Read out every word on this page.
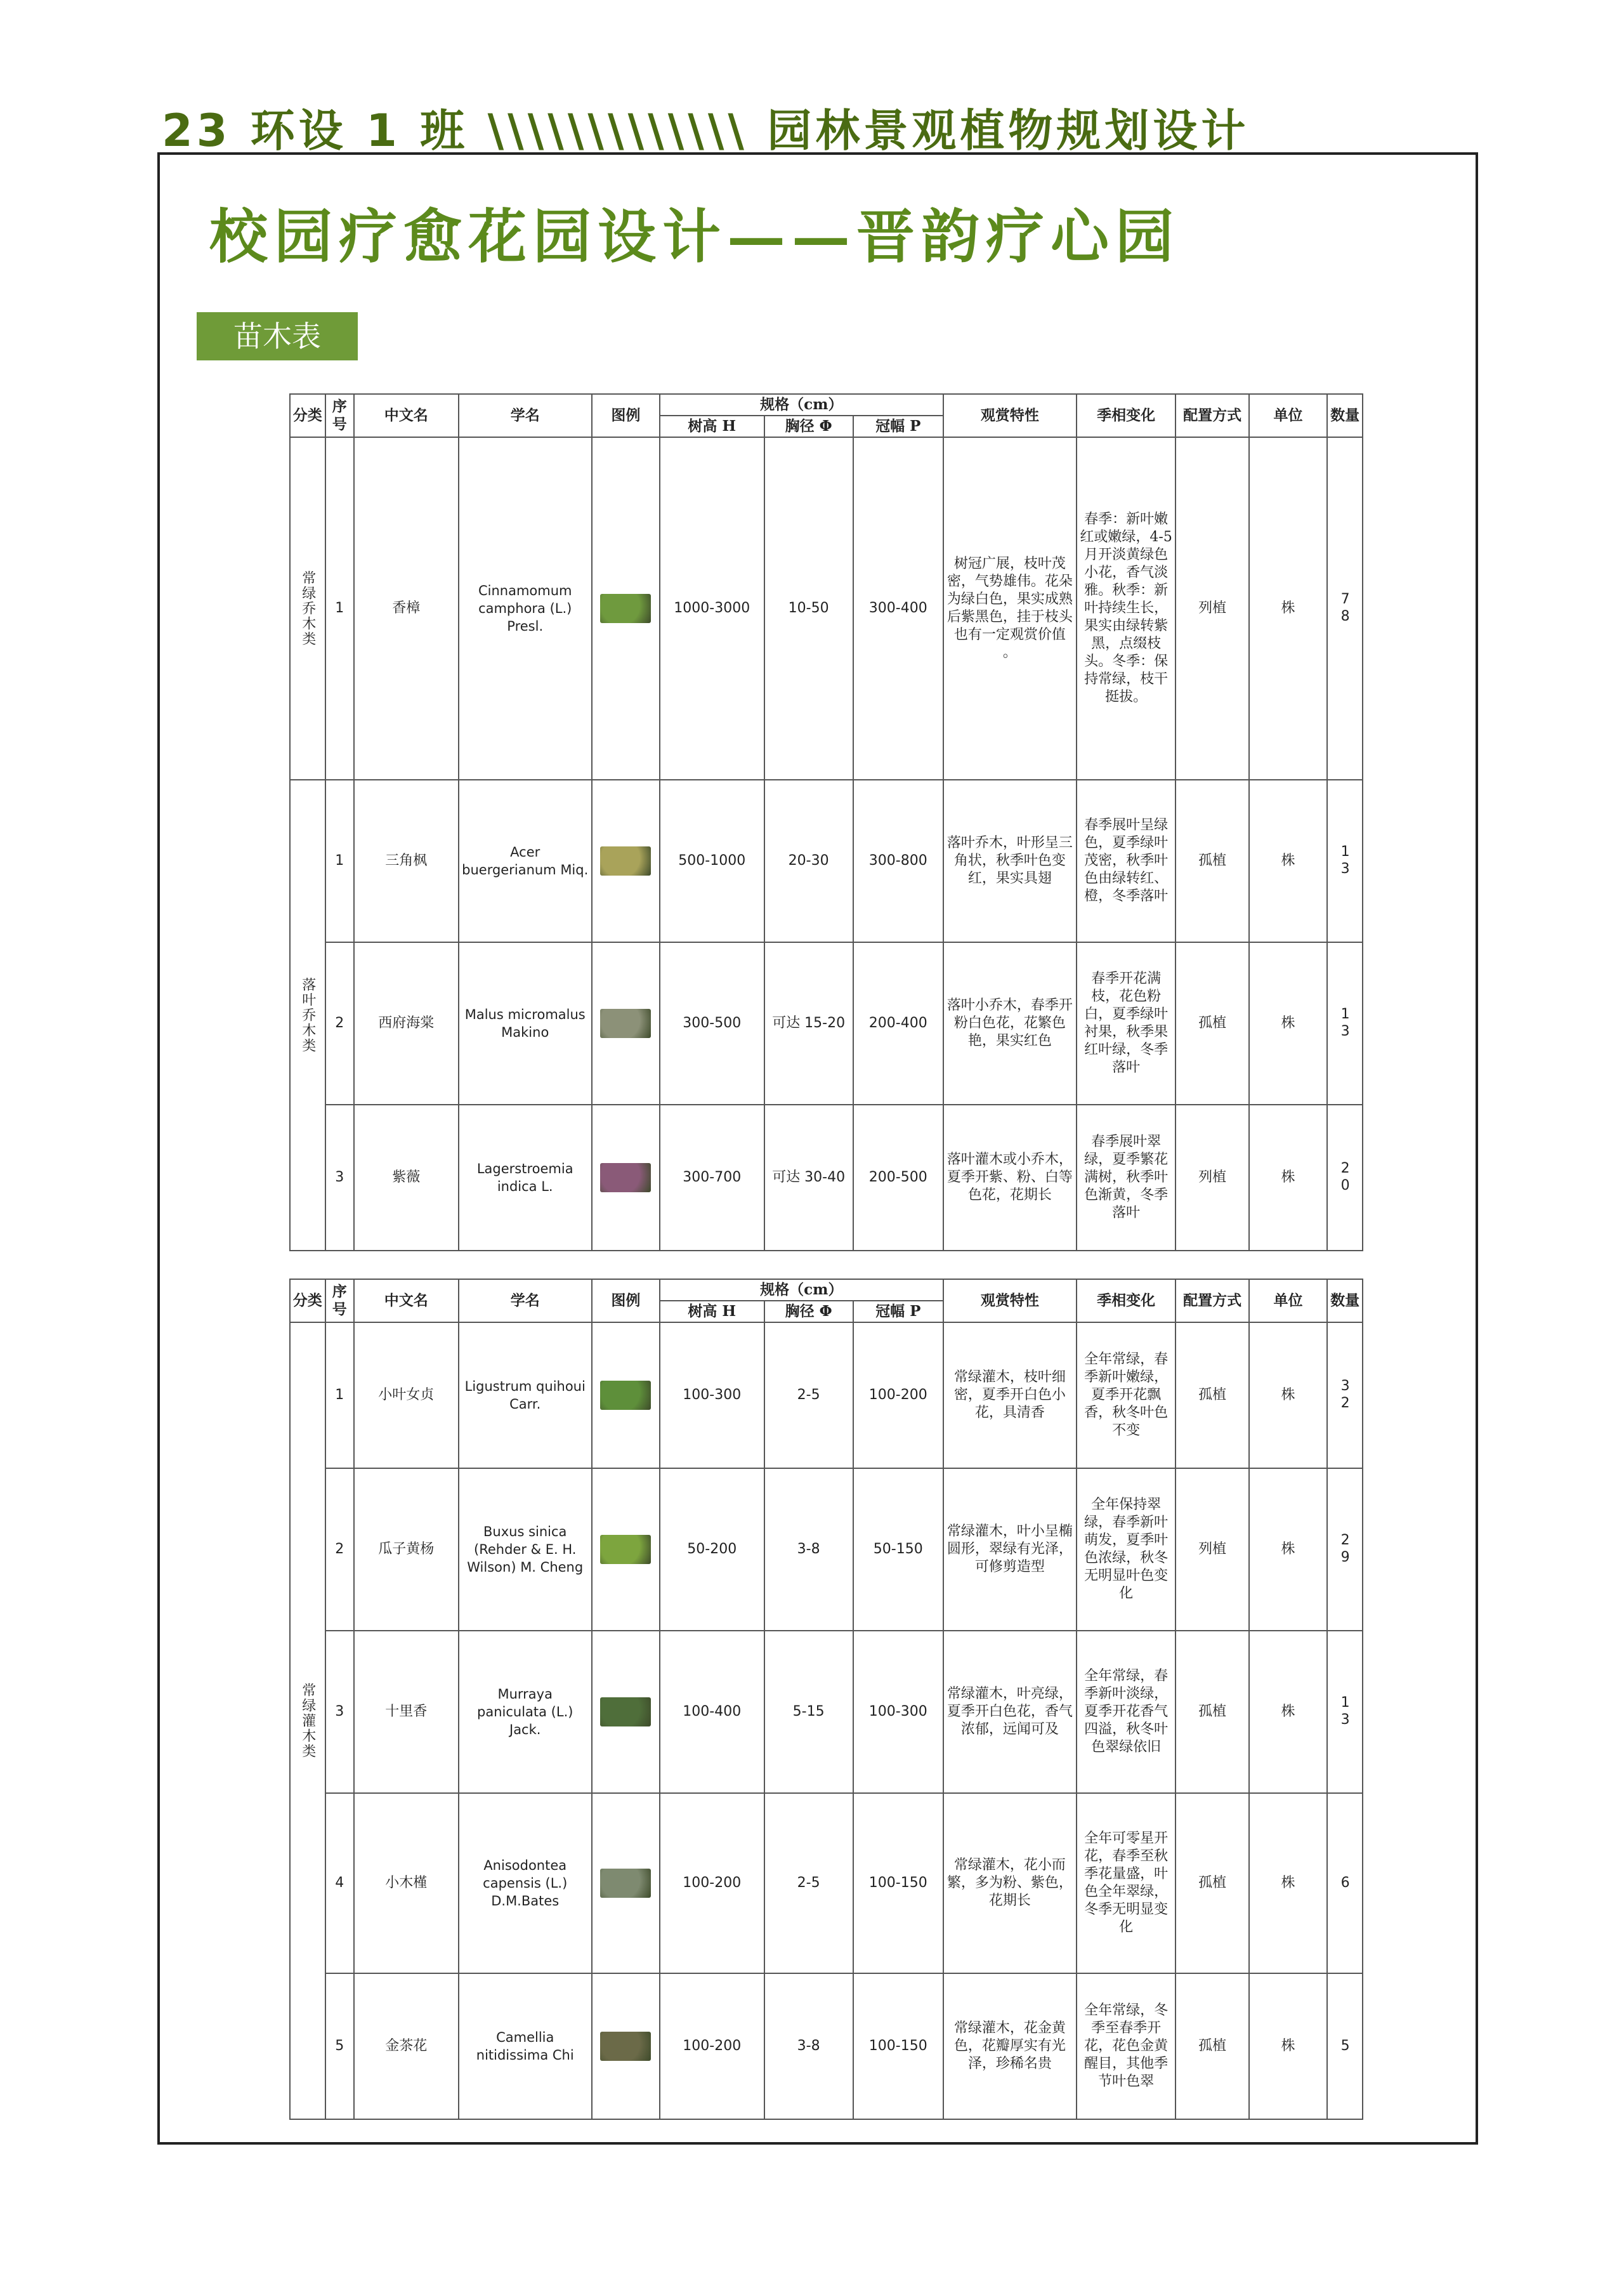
23 环设 1 班 \\\\\\\\\\\\\ 园林景观植物规划设计
校园疗愈花园设计——晋韵疗心园
苗木表
分类	序号	中文名	学名	图例	规格（cm）			观赏特性	季相变化	配置方式	单位	数量
					树高 H	胸径 Φ	冠幅 P					

常绿乔木类	1	香樟	Cinnamomum camphora (L.) Presl.		1000-3000	10-50	300-400	树冠广展，枝叶茂密，气势雄伟。花朵为绿白色，果实成熟后紫黑色，挂于枝头也有一定观赏价值 。	春季：新叶嫩红或嫩绿，4-5 月开淡黄绿色小花，香气淡雅。秋季：新叶持续生长，果实由绿转紫黑，点缀枝头。冬季：保持常绿，枝干挺拔。	列植	株	78

落叶乔木类	1	三角枫	Acer buergerianum Miq.		500-1000	20-30	300-800	落叶乔木，叶形呈三角状，秋季叶色变红，果实具翅	春季展叶呈绿色，夏季绿叶茂密，秋季叶色由绿转红、橙，冬季落叶	孤植	株	13

	2	西府海棠	Malus micromalus Makino		300-500	可达 15-20	200-400	落叶小乔木，春季开粉白色花，花繁色艳，果实红色	春季开花满枝，花色粉白，夏季绿叶衬果，秋季果红叶绿，冬季落叶	孤植	株	13

	3	紫薇	Lagerstroemia indica L.		300-700	可达 30-40	200-500	落叶灌木或小乔木，夏季开紫、粉、白等色花，花期长	春季展叶翠绿，夏季繁花满树，秋季叶色渐黄，冬季落叶	列植	株	20
分类	序号	中文名	学名	图例	规格（cm）			观赏特性	季相变化	配置方式	单位	数量
					树高 H	胸径 Φ	冠幅 P					

常绿灌木类	1	小叶女贞	Ligustrum quihoui Carr.		100-300	2-5	100-200	常绿灌木，枝叶细密，夏季开白色小花，具清香	全年常绿，春季新叶嫩绿，夏季开花飘香，秋冬叶色不变	孤植	株	32

	2	瓜子黄杨	Buxus sinica (Rehder & E. H. Wilson) M. Cheng		50-200	3-8	50-150	常绿灌木，叶小呈椭圆形，翠绿有光泽，可修剪造型	全年保持翠绿，春季新叶萌发，夏季叶色浓绿，秋冬无明显叶色变化	列植	株	29

	3	十里香	Murraya paniculata (L.) Jack.		100-400	5-15	100-300	常绿灌木，叶亮绿，夏季开白色花，香气浓郁，远闻可及	全年常绿，春季新叶淡绿，夏季开花香气四溢，秋冬叶色翠绿依旧	孤植	株	13

	4	小木槿	Anisodontea capensis (L.) D.M.Bates		100-200	2-5	100-150	常绿灌木，花小而繁，多为粉、紫色，花期长	全年可零星开花，春季至秋季花量盛，叶色全年翠绿，冬季无明显变化	孤植	株	6

	5	金茶花	Camellia nitidissima Chi		100-200	3-8	100-150	常绿灌木，花金黄色，花瓣厚实有光泽，珍稀名贵	全年常绿，冬季至春季开花，花色金黄醒目，其他季节叶色翠	孤植	株	5
